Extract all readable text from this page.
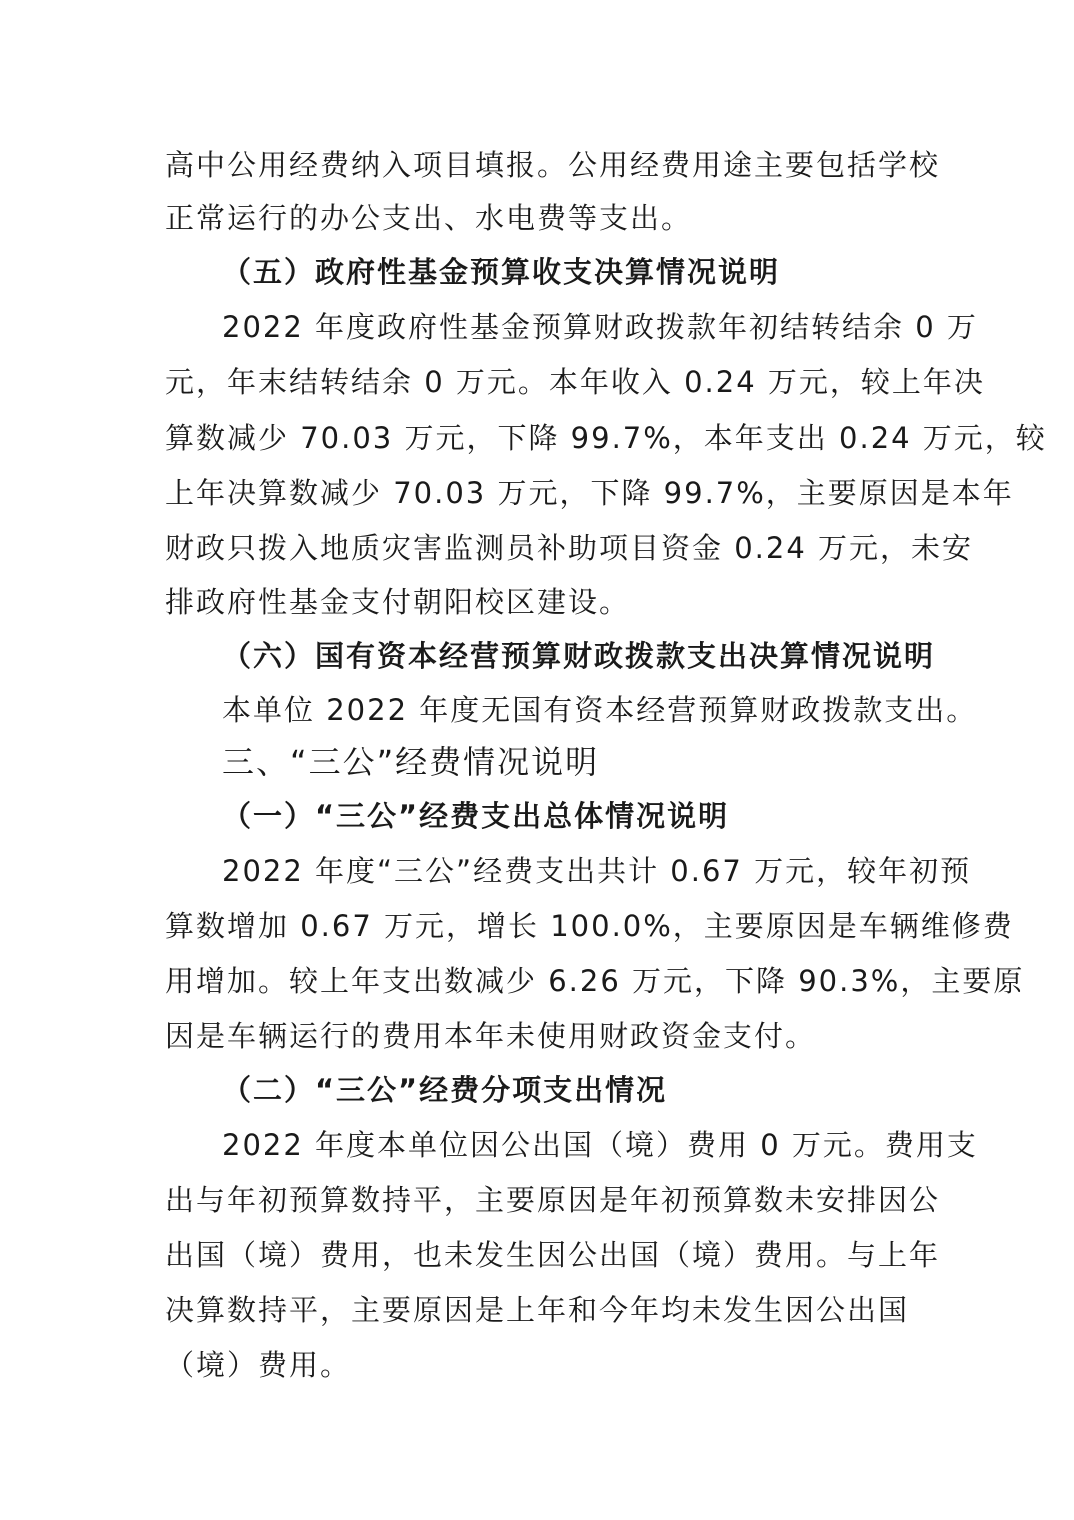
高中公用经费纳入项目填报。公用经费用途主要包括学校
正常运行的办公支出、水电费等支出。
（五）政府性基金预算收支决算情况说明
2022 年度政府性基金预算财政拨款年初结转结余 0 万
元，年末结转结余 0 万元。本年收入 0.24 万元，较上年决
算数减少 70.03 万元，下降 99.7%，本年支出 0.24 万元，较
上年决算数减少 70.03 万元，下降 99.7%，主要原因是本年
财政只拨入地质灾害监测员补助项目资金 0.24 万元，未安
排政府性基金支付朝阳校区建设。
（六）国有资本经营预算财政拨款支出决算情况说明
本单位 2022 年度无国有资本经营预算财政拨款支出。
三、“三公”经费情况说明
（一）“三公”经费支出总体情况说明
2022 年度“三公”经费支出共计 0.67 万元，较年初预
算数增加 0.67 万元，增长 100.0%，主要原因是车辆维修费
用增加。较上年支出数减少 6.26 万元，下降 90.3%，主要原
因是车辆运行的费用本年未使用财政资金支付。
（二）“三公”经费分项支出情况
2022 年度本单位因公出国（境）费用 0 万元。费用支
出与年初预算数持平，主要原因是年初预算数未安排因公
出国（境）费用，也未发生因公出国（境）费用。与上年
决算数持平，主要原因是上年和今年均未发生因公出国
（境）费用。
